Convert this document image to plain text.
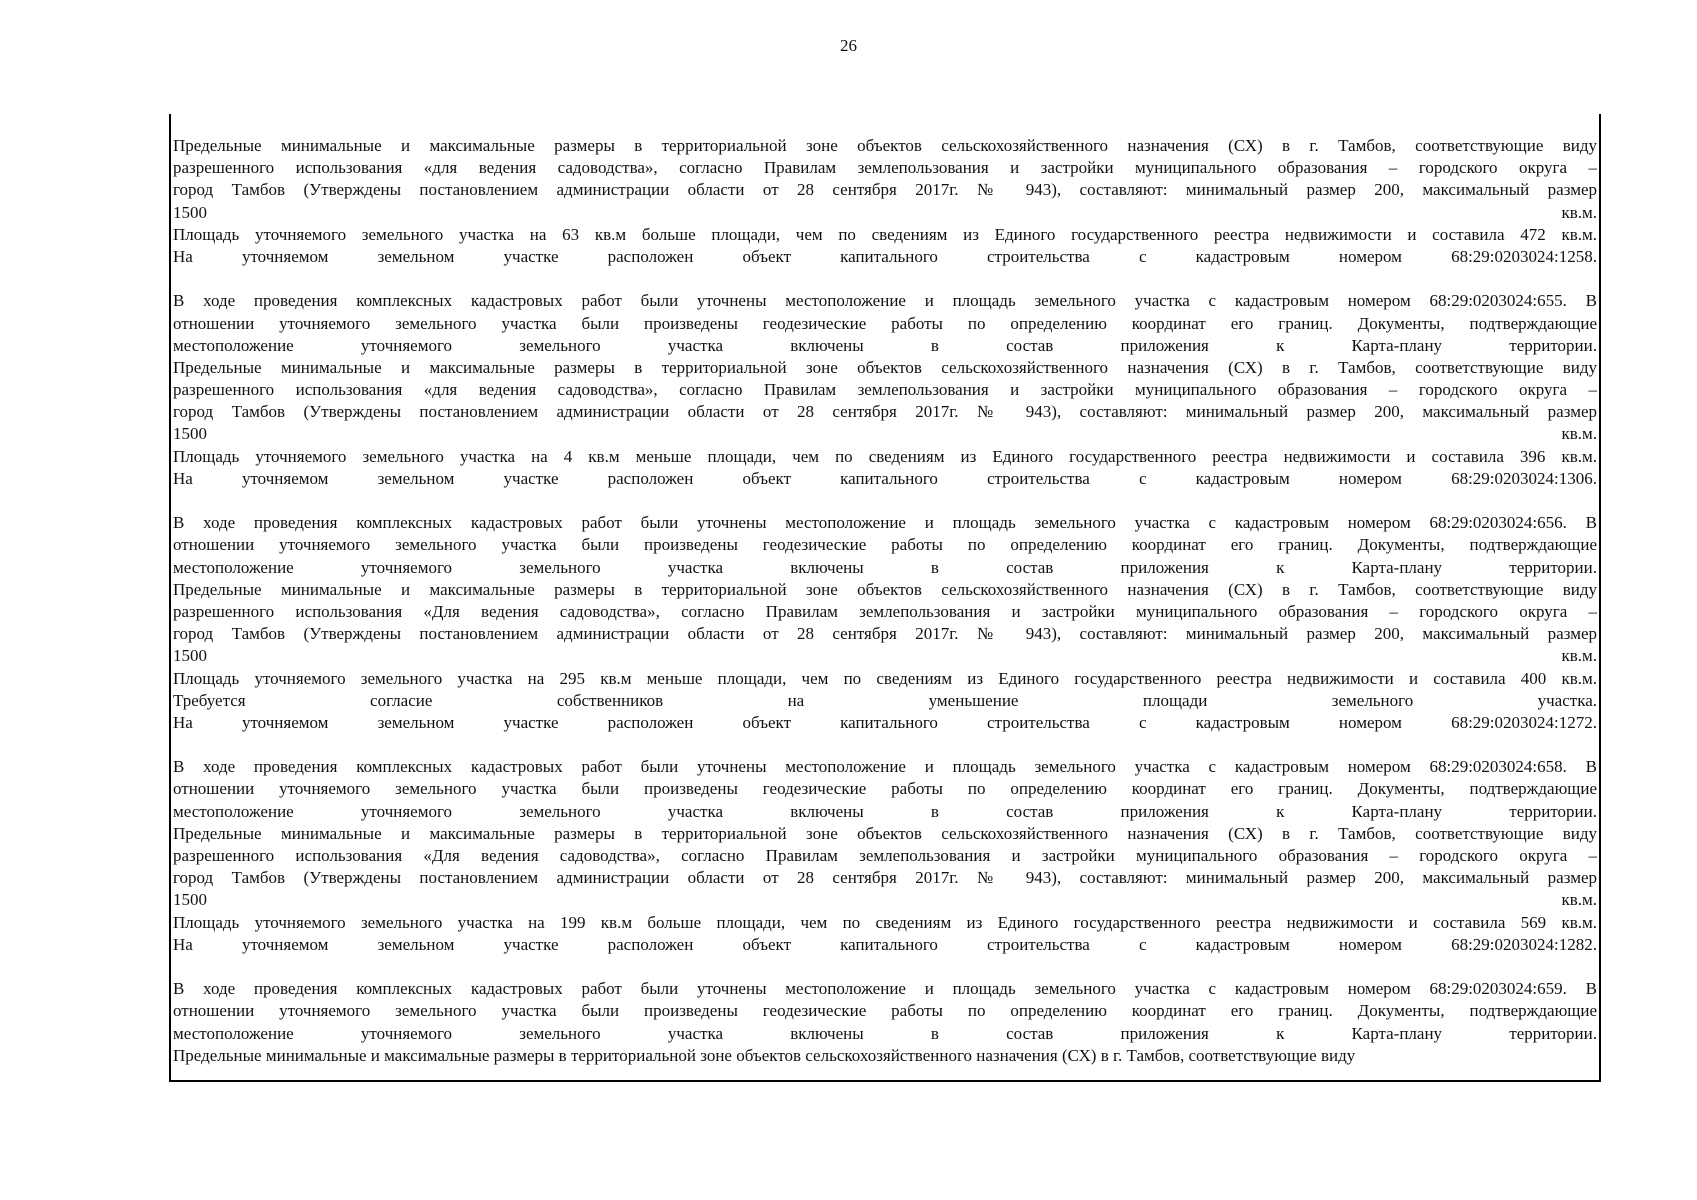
26
Предельные минимальные и максимальные размеры в территориальной зоне объектов сельскохозяйственного назначения (СХ) в г. Тамбов, соответствующие виду
разрешенного использования «для ведения садоводства», согласно Правилам землепользования и застройки муниципального образования – городского округа –
город Тамбов (Утверждены постановлением администрации области от 28 сентября 2017г. № 943), составляют: минимальный размер 200, максимальный размер
1500	кв.м.
Площадь уточняемого земельного участка на 63 кв.м больше площади, чем по сведениям из Единого государственного реестра недвижимости и составила 472 кв.м.
На уточняемом земельном участке расположен объект капитального строительства с кадастровым номером 68:29:0203024:1258.
В ходе проведения комплексных кадастровых работ были уточнены местоположение и площадь земельного участка с кадастровым номером 68:29:0203024:655. В
отношении уточняемого земельного участка были произведены геодезические работы по определению координат его границ. Документы, подтверждающие
местоположение уточняемого земельного участка включены в состав приложения к Карта-плану территории.
Предельные минимальные и максимальные размеры в территориальной зоне объектов сельскохозяйственного назначения (СХ) в г. Тамбов, соответствующие виду
разрешенного использования «для ведения садоводства», согласно Правилам землепользования и застройки муниципального образования – городского округа –
город Тамбов (Утверждены постановлением администрации области от 28 сентября 2017г. № 943), составляют: минимальный размер 200, максимальный размер
1500	кв.м.
Площадь уточняемого земельного участка на 4 кв.м меньше площади, чем по сведениям из Единого государственного реестра недвижимости и составила 396 кв.м.
На уточняемом земельном участке расположен объект капитального строительства с кадастровым номером 68:29:0203024:1306.
В ходе проведения комплексных кадастровых работ были уточнены местоположение и площадь земельного участка с кадастровым номером 68:29:0203024:656. В
отношении уточняемого земельного участка были произведены геодезические работы по определению координат его границ. Документы, подтверждающие
местоположение уточняемого земельного участка включены в состав приложения к Карта-плану территории.
Предельные минимальные и максимальные размеры в территориальной зоне объектов сельскохозяйственного назначения (СХ) в г. Тамбов, соответствующие виду
разрешенного использования «Для ведения садоводства», согласно Правилам землепользования и застройки муниципального образования – городского округа –
город Тамбов (Утверждены постановлением администрации области от 28 сентября 2017г. № 943), составляют: минимальный размер 200, максимальный размер
1500	кв.м.
Площадь уточняемого земельного участка на 295 кв.м меньше площади, чем по сведениям из Единого государственного реестра недвижимости и составила 400 кв.м.
Требуется согласие собственников на уменьшение площади земельного участка.
На уточняемом земельном участке расположен объект капитального строительства с кадастровым номером 68:29:0203024:1272.
В ходе проведения комплексных кадастровых работ были уточнены местоположение и площадь земельного участка с кадастровым номером 68:29:0203024:658. В
отношении уточняемого земельного участка были произведены геодезические работы по определению координат его границ. Документы, подтверждающие
местоположение уточняемого земельного участка включены в состав приложения к Карта-плану территории.
Предельные минимальные и максимальные размеры в территориальной зоне объектов сельскохозяйственного назначения (СХ) в г. Тамбов, соответствующие виду
разрешенного использования «Для ведения садоводства», согласно Правилам землепользования и застройки муниципального образования – городского округа –
город Тамбов (Утверждены постановлением администрации области от 28 сентября 2017г. № 943), составляют: минимальный размер 200, максимальный размер
1500	кв.м.
Площадь уточняемого земельного участка на 199 кв.м больше площади, чем по сведениям из Единого государственного реестра недвижимости и составила 569 кв.м.
На уточняемом земельном участке расположен объект капитального строительства с кадастровым номером 68:29:0203024:1282.
В ходе проведения комплексных кадастровых работ были уточнены местоположение и площадь земельного участка с кадастровым номером 68:29:0203024:659. В
отношении уточняемого земельного участка были произведены геодезические работы по определению координат его границ. Документы, подтверждающие
местоположение уточняемого земельного участка включены в состав приложения к Карта-плану территории.
Предельные минимальные и максимальные размеры в территориальной зоне объектов сельскохозяйственного назначения (СХ) в г. Тамбов, соответствующие виду
